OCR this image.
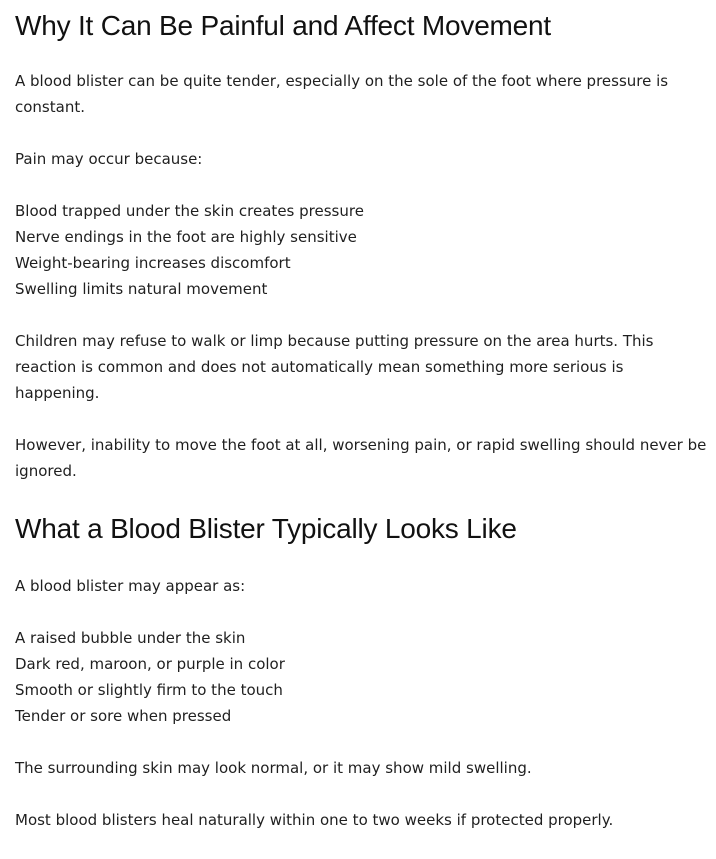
Why It Can Be Painful and Affect Movement

A blood blister can be quite tender, especially on the sole of the foot where pressure is constant.

Pain may occur because:

Blood trapped under the skin creates pressure
Nerve endings in the foot are highly sensitive
Weight-bearing increases discomfort
Swelling limits natural movement

Children may refuse to walk or limp because putting pressure on the area hurts. This reaction is common and does not automatically mean something more serious is happening.

However, inability to move the foot at all, worsening pain, or rapid swelling should never be ignored.

What a Blood Blister Typically Looks Like

A blood blister may appear as:

A raised bubble under the skin
Dark red, maroon, or purple in color
Smooth or slightly firm to the touch
Tender or sore when pressed

The surrounding skin may look normal, or it may show mild swelling.

Most blood blisters heal naturally within one to two weeks if protected properly.
